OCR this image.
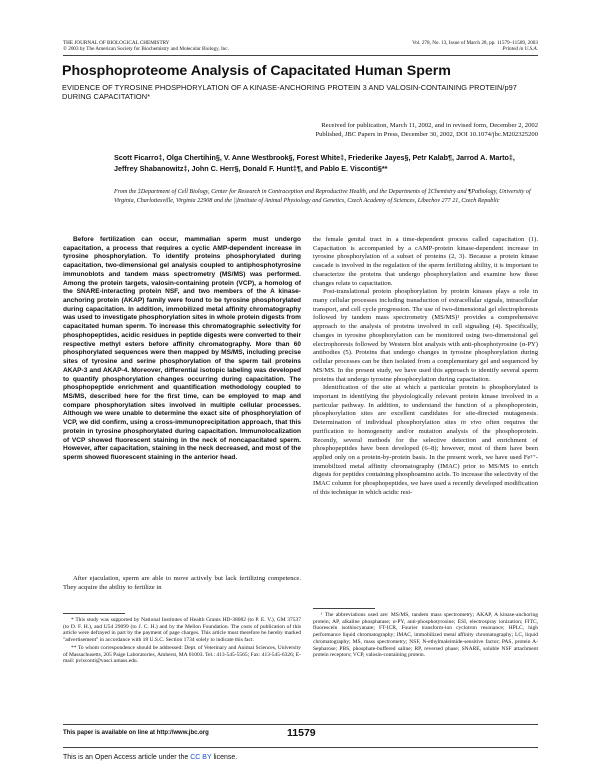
THE JOURNAL OF BIOLOGICAL CHEMISTRY
© 2003 by The American Society for Biochemistry and Molecular Biology, Inc.
Vol. 278, No. 13, Issue of March 28, pp. 11579–11589, 2003
Printed in U.S.A.
Phosphoproteome Analysis of Capacitated Human Sperm
EVIDENCE OF TYROSINE PHOSPHORYLATION OF A KINASE-ANCHORING PROTEIN 3 AND VALOSIN-CONTAINING PROTEIN/p97 DURING CAPACITATION*
Received for publication, March 11, 2002, and in revised form, December 2, 2002
Published, JBC Papers in Press, December 30, 2002, DOI 10.1074/jbc.M202325200
Scott Ficarro‡, Olga Chertihin§, V. Anne Westbrook§, Forest White‡, Friederike Jayes§, Petr Kalab¶, Jarrod A. Marto‡, Jeffrey Shabanowitz‡, John C. Herr§, Donald F. Hunt‡¶, and Pablo E. Visconti§**
From the ‡Department of Cell Biology, Center for Research in Contraception and Reproductive Health, and the Departments of ‡Chemistry and ¶Pathology, University of Virginia, Charlottesville, Virginia 22908 and the ||Institute of Animal Physiology and Genetics, Czech Academy of Sciences, Libechov 277 21, Czech Republic
Before fertilization can occur, mammalian sperm must undergo capacitation, a process that requires a cyclic AMP-dependent increase in tyrosine phosphorylation. To identify proteins phosphorylated during capacitation, two-dimensional gel analysis coupled to antiphosphotyrosine immunoblots and tandem mass spectrometry (MS/MS) was performed. Among the protein targets, valosin-containing protein (VCP), a homolog of the SNARE-interacting protein NSF, and two members of the A kinase-anchoring protein (AKAP) family were found to be tyrosine phosphorylated during capacitation. In addition, immobilized metal affinity chromatography was used to investigate phosphorylation sites in whole protein digests from capacitated human sperm. To increase this chromatographic selectivity for phosphopeptides, acidic residues in peptide digests were converted to their respective methyl esters before affinity chromatography. More than 60 phosphorylated sequences were then mapped by MS/MS, including precise sites of tyrosine and serine phosphorylation of the sperm tail proteins AKAP-3 and AKAP-4. Moreover, differential isotopic labeling was developed to quantify phosphorylation changes occurring during capacitation. The phosphopeptide enrichment and quantification methodology coupled to MS/MS, described here for the first time, can be employed to map and compare phosphorylation sites involved in multiple cellular processes. Although we were unable to determine the exact site of phosphorylation of VCP, we did confirm, using a cross-immunoprecipitation approach, that this protein in tyrosine phosphorylated during capacitation. Immunolocalization of VCP showed fluorescent staining in the neck of noncapacitated sperm. However, after capacitation, staining in the neck decreased, and most of the sperm showed fluorescent staining in the anterior head.

After ejaculation, sperm are able to move actively but lack fertilizing competence. They acquire the ability to fertilize in

* This study was supported by National Institutes of Health Grants HD-38082 (to P. E. V.), GM 37537 (to D. F. H.), and U54 29099 (to J. C. H.) and by the Mellon Foundation. The costs of publication of this article were defrayed in part by the payment of page charges. This article must therefore be hereby marked "advertisement" in accordance with 18 U.S.C. Section 1734 solely to indicate this fact.

** To whom correspondence should be addressed: Dept. of Veterinary and Animal Sciences, University of Massachusetts, 205 Paige Laboratories, Amherst, MA 01003. Tel.: 413-545-5565; Fax: 413-545-6326; E-mail: pvisconti@vasci.umass.edu.

the female genital tract in a time-dependent process called capacitation (1). Capacitation is accompanied by a cAMP-protein kinase-dependent increase in tyrosine phosphorylation of a subset of proteins (2, 3). Because a protein kinase cascade is involved in the regulation of the sperm fertilizing ability, it is important to characterize the proteins that undergo phosphorylation and examine how these changes relate to capacitation.

Post-translational protein phosphorylation by protein kinases plays a role in many cellular processes including transduction of extracellular signals, intracellular transport, and cell cycle progression. The use of two-dimensional gel electrophoresis followed by tandem mass spectrometry (MS/MS)¹ provides a comprehensive approach to the analysis of proteins involved in cell signaling (4). Specifically, changes in tyrosine phosphorylation can be monitored using two-dimensional gel electrophoresis followed by Western blot analysis with anti-phosphotyrosine (α-PY) antibodies (5). Proteins that undergo changes in tyrosine phosphorylation during cellular processes can be then isolated from a complementary gel and sequenced by MS/MS. In the present study, we have used this approach to identify several sperm proteins that undergo tyrosine phosphorylation during capacitation.

Identification of the site at which a particular protein is phosphorylated is important in identifying the physiologically relevant protein kinase involved in a particular pathway. In addition, to understand the function of a phosphoprotein, phosphorylation sites are excellent candidates for site-directed mutagenesis. Determination of individual phosphorylation sites in vivo often requires the purification to homogeneity and/or mutation analysis of the phosphoprotein. Recently, several methods for the selective detection and enrichment of phosphopeptides have been developed (6–8); however, most of them have been applied only on a protein-by-protein basis. In the present work, we have used Fe³⁺-immobilized metal affinity chromatography (IMAC) prior to MS/MS to enrich digests for peptides containing phosphoamino acids. To increase the selectivity of the IMAC column for phosphopeptides, we have used a recently developed modification of this technique in which acidic resi-

¹ The abbreviations used are: MS/MS, tandem mass spectrometry; AKAP, A kinase-anchoring protein; AP, alkaline phosphatase; α-PY, anti-phosphotyrosine; ESI, electrospray ionization; FITC, fluorescein isothiocyanate; FT-ICR, Fourier transform-ion cyclotron resonance; HPLC, high performance liquid chromatography; IMAC, immobilized metal affinity chromatography; LC, liquid chromatography; MS, mass spectrometry; NSF, N-ethylmaleimide-sensitive factor; PAS, protein A-Sepharose; PBS, phosphate-buffered saline; RP, reversed phase; SNARE, soluble NSF attachment protein receptors; VCP, valosin-containing protein.

This paper is available on line at http://www.jbc.org	11579
This is an Open Access article under the CC BY license.
